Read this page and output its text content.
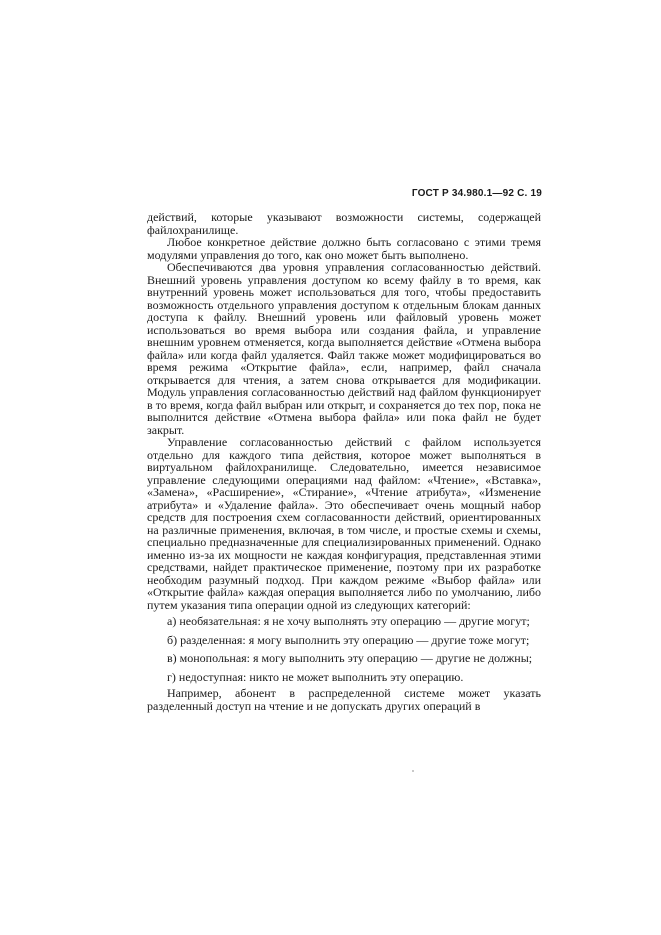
ГОСТ Р 34.980.1—92 С. 19

действий, которые указывают возможности системы, содержащей файлохранилище.

Любое конкретное действие должно быть согласовано с этими тремя модулями управления до того, как оно может быть выполнено.

Обеспечиваются два уровня управления согласованностью действий. Внешний уровень управления доступом ко всему файлу в то время, как внутренний уровень может использоваться для того, чтобы предоставить возможность отдельного управления доступом к отдельным блокам данных доступа к файлу. Внешний уровень или файловый уровень может использоваться во время выбора или создания файла, и управление внешним уровнем отменяется, когда выполняется действие «Отмена выбора файла» или когда файл удаляется. Файл также может модифицироваться во время режима «Открытие файла», если, например, файл сначала открывается для чтения, а затем снова открывается для модификации. Модуль управления согласованностью действий над файлом функционирует в то время, когда файл выбран или открыт, и сохраняется до тех пор, пока не выполнится действие «Отмена выбора файла» или пока файл не будет закрыт.

Управление согласованностью действий с файлом используется отдельно для каждого типа действия, которое может выполняться в виртуальном файлохранилище. Следовательно, имеется независимое управление следующими операциями над файлом: «Чтение», «Вставка», «Замена», «Расширение», «Стирание», «Чтение атрибута», «Изменение атрибута» и «Удаление файла». Это обеспечивает очень мощный набор средств для построения схем согласованности действий, ориентированных на различные применения, включая, в том числе, и простые схемы и схемы, специально предназначенные для специализированных применений. Однако именно из-за их мощности не каждая конфигурация, представленная этими средствами, найдет практическое применение, поэтому при их разработке необходим разумный подход. При каждом режиме «Выбор файла» или «Открытие файла» каждая операция выполняется либо по умолчанию, либо путем указания типа операции одной из следующих категорий:

а) необязательная: я не хочу выполнять эту операцию — другие могут;

б) разделенная: я могу выполнить эту операцию — другие тоже могут;

в) монопольная: я могу выполнить эту операцию — другие не должны;

г) недоступная: никто не может выполнить эту операцию.

Например, абонент в распределенной системе может указать разделенный доступ на чтение и не допускать других операций в
